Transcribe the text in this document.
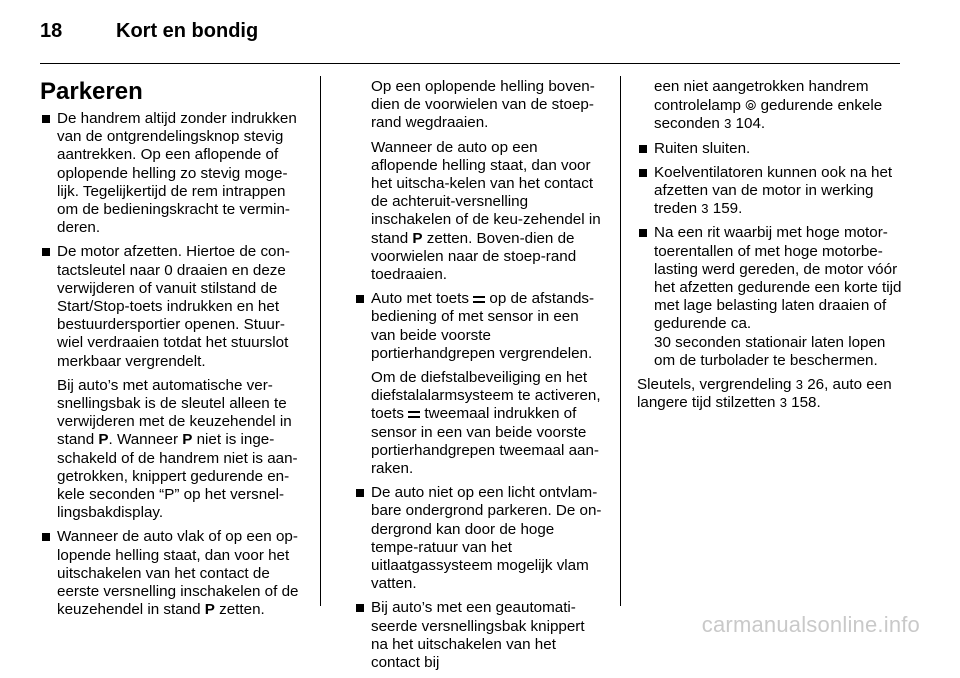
18	Kort en bondig
Parkeren

De handrem altijd zonder indrukken van de ontgrendelingsknop stevig aantrekken. Op een aflopende of oplopende helling zo stevig moge-lijk. Tegelijkertijd de rem intrappen om de bedieningskracht te vermin-deren.

De motor afzetten. Hiertoe de con-tactsleutel naar 0 draaien en deze verwijderen of vanuit stilstand de Start/Stop-toets indrukken en het bestuurdersportier openen. Stuur-wiel verdraaien totdat het stuurslot merkbaar vergrendelt.

Bij auto’s met automatische ver-snellingsbak is de sleutel alleen te verwijderen met de keuzehendel in stand P. Wanneer P niet is inge-schakeld of de handrem niet is aan-getrokken, knippert gedurende en-kele seconden “P” op het versnel-lingsbakdisplay.

Wanneer de auto vlak of op een op-lopende helling staat, dan voor het uitschakelen van het contact de eerste versnelling inschakelen of de keuzehendel in stand P zetten.

Op een oplopende helling boven-dien de voorwielen van de stoep-rand wegdraaien.

Wanneer de auto op een aflopende helling staat, dan voor het uitscha-kelen van het contact de achteruit-versnelling inschakelen of de keu-zehendel in stand P zetten. Boven-dien de voorwielen naar de stoep-rand toedraaien.

Auto met toets  op de afstands-bediening of met sensor in een van beide voorste portierhandgrepen vergrendelen.

Om de diefstalbeveiliging en het diefstalalarmsysteem te activeren, toets  tweemaal indrukken of sensor in een van beide voorste portierhandgrepen tweemaal aan-raken.

De auto niet op een licht ontvlam-bare ondergrond parkeren. De on-dergrond kan door de hoge tempe-ratuur van het uitlaatgassysteem mogelijk vlam vatten.

Bij auto’s met een geautomati-seerde versnellingsbak knippert na het uitschakelen van het contact bij

een niet aangetrokken handrem controlelamp ⦾ gedurende enkele seconden 3 104.

Ruiten sluiten.

Koelventilatoren kunnen ook na het afzetten van de motor in werking treden 3 159.

Na een rit waarbij met hoge motor-toerentallen of met hoge motorbe-lasting werd gereden, de motor vóór het afzetten gedurende een korte tijd met lage belasting laten draaien of gedurende ca.

30 seconden stationair laten lopen om de turbolader te beschermen.

Sleutels, vergrendeling 3 26, auto een langere tijd stilzetten 3 158.

carmanualsonline.info
